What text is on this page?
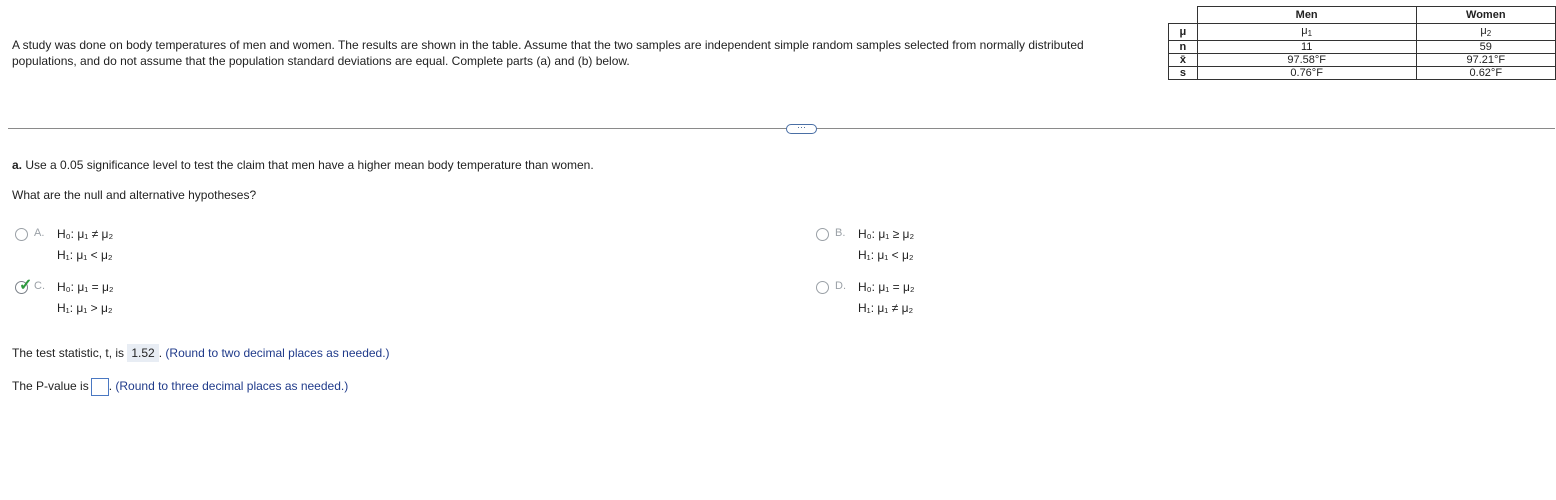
A study was done on body temperatures of men and women. The results are shown in the table. Assume that the two samples are independent simple random samples selected from normally distributed populations, and do not assume that the population standard deviations are equal. Complete parts (a) and (b) below.
	Men	Women
μ	$\mu_1$	$\mu_2$
n	11	59
x̄	97.58°F	97.21°F
s	0.76°F	0.62°F
···
a. Use a 0.05 significance level to test the claim that men have a higher mean body temperature than women.
What are the null and alternative hypotheses?
A. H₀: μ₁ ≠ μ₂
H₁: μ₁ < μ₂
B. H₀: μ₁ ≥ μ₂
H₁: μ₁ < μ₂
C. H₀: μ₁ = μ₂
H₁: μ₁ > μ₂
✓	D. H₀: μ₁ = μ₂
H₁: μ₁ ≠ μ₂
The test statistic, t, is 1.52 . (Round to two decimal places as needed.)
The P-value is . (Round to three decimal places as needed.)
